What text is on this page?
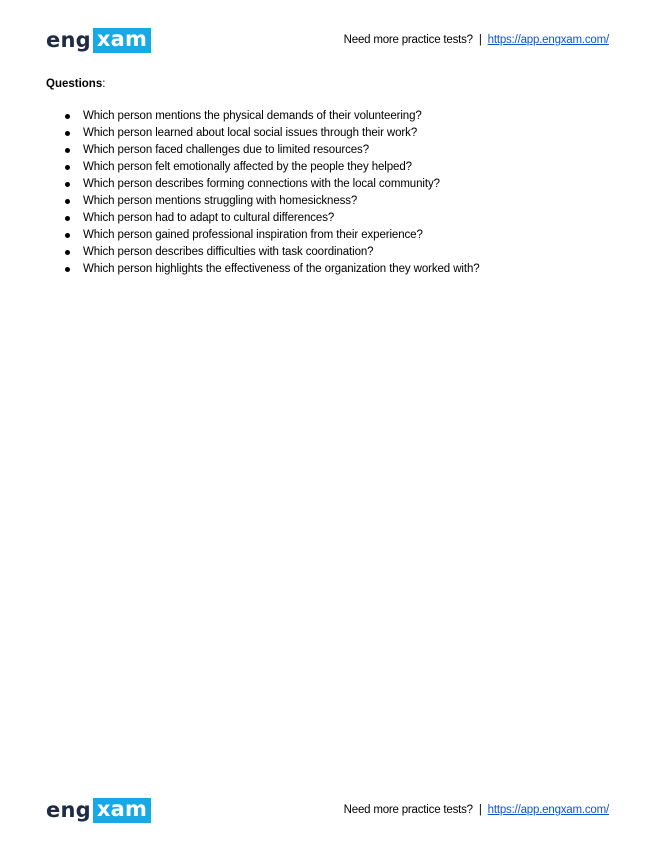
eng xam	Need more practice tests? | https://app.engxam.com/

Questions:

Which person mentions the physical demands of their volunteering?
Which person learned about local social issues through their work?
Which person faced challenges due to limited resources?
Which person felt emotionally affected by the people they helped?
Which person describes forming connections with the local community?
Which person mentions struggling with homesickness?
Which person had to adapt to cultural differences?
Which person gained professional inspiration from their experience?
Which person describes difficulties with task coordination?
Which person highlights the effectiveness of the organization they worked with?
eng xam	Need more practice tests? | https://app.engxam.com/
